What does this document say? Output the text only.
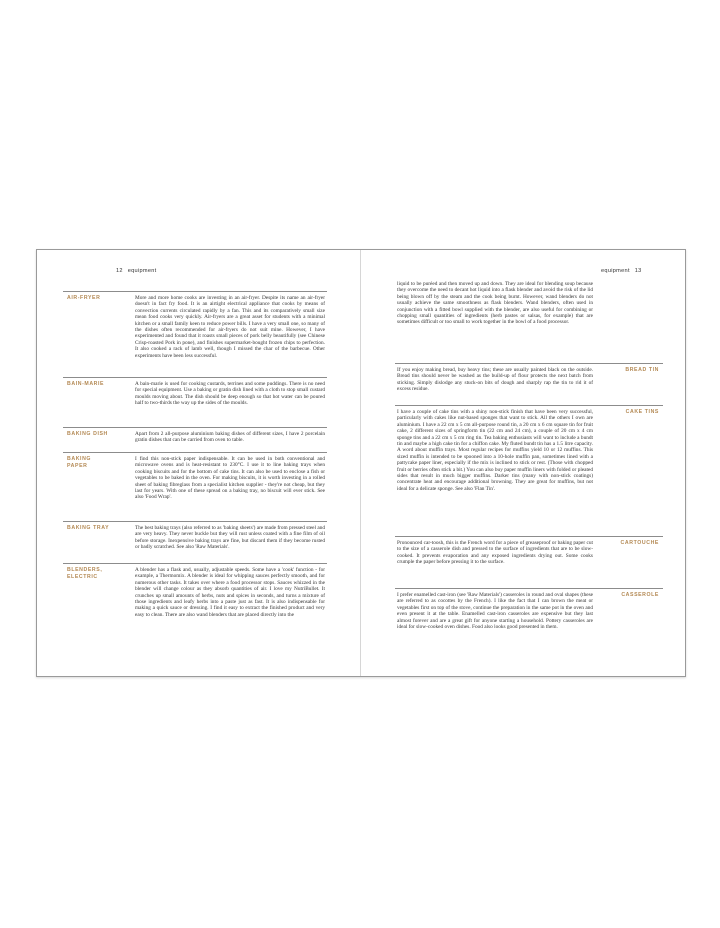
12 equipment
AIR-FRYER	More and more home cooks are investing in an air-fryer. Despite its name an air-fryer doesn't in fact fry food. It is an airtight electrical appliance that cooks by means of convection currents circulated rapidly by a fan. This and its comparatively small size mean food cooks very quickly. Air-fryers are a great asset for students with a minimal kitchen or a small family keen to reduce power bills. I have a very small one, so many of the dishes often recommended for air-fryers do not suit mine. However, I have experimented and found that it roasts small pieces of pork belly beautifully (see Chinese Crisp-roasted Pork in pone), and finishes supermarket-bought frozen chips to perfection. It also cooked a rack of lamb well, though I missed the char of the barbecue. Other experiments have been less successful.
BAIN-MARIE	A bain-marie is used for cooking custards, terrines and some puddings. There is no need for special equipment. Use a baking or gratin dish lined with a cloth to stop small custard moulds moving about. The dish should be deep enough so that hot water can be poured half to two-thirds the way up the sides of the moulds.
BAKING DISH	Apart from 2 all-purpose aluminium baking dishes of different sizes, I have 2 porcelain gratin dishes that can be carried from oven to table.
BAKING PAPER
I find this non-stick paper indispensable. It can be used in both conventional and microwave ovens and is heat-resistant to 230°C. I use it to line baking trays when cooking biscuits and for the bottom of cake tins. It can also be used to enclose a fish or vegetables to be baked in the oven. For making biscuits, it is worth investing in a rolled sheet of baking fibreglass from a specialist kitchen supplier - they're not cheap, but they last for years. With one of these spread on a baking tray, no biscuit will ever stick. See also 'Food Wrap'.
BAKING TRAY	The best baking trays (also referred to as 'baking sheets') are made from pressed steel and are very heavy. They never buckle but they will rust unless coated with a fine film of oil before storage. Inexpensive baking trays are fine, but discard them if they become rusted or badly scratched. See also 'Raw Materials'.
BLENDERS, ELECTRIC
A blender has a flask and, usually, adjustable speeds. Some have a 'cook' function - for example, a Thermomix. A blender is ideal for whipping sauces perfectly smooth, and for numerous other tasks. It takes over where a food processor stops. Sauces whizzed in the blender will change colour as they absorb quantities of air. I love my NutriBullet. It crunches up small amounts of herbs, nuts and spices in seconds, and turns a mixture of those ingredients and leafy herbs into a paste just as fast. It is also indispensable for making a quick sauce or dressing. I find it easy to extract the finished product and very easy to clean. There are also wand blenders that are placed directly into the
equipment 13
liquid to be puréed and then moved up and down. They are ideal for blending soup because they overcome the need to decant hot liquid into a flask blender and avoid the risk of the lid being blown off by the steam and the cook being burnt. However, wand blenders do not usually achieve the same smoothness as flask blenders. Wand blenders, often used in conjunction with a fitted bowl supplied with the blender, are also useful for combining or chopping small quantities of ingredients (herb pastes or salsas, for example) that are sometimes difficult or too small to work together in the bowl of a food processor.
BREAD TIN
If you enjoy making bread, buy heavy tins; these are usually painted black on the outside. Bread tins should never be washed as the build-up of flour protects the next batch from sticking. Simply dislodge any stuck-on bits of dough and sharply rap the tin to rid it of excess residue.
CAKE TINS
I have a couple of cake tins with a shiny non-stick finish that have been very successful, particularly with cakes like nut-based sponges that want to stick. All the others I own are aluminium. I have a 22 cm x 5 cm all-purpose round tin, a 20 cm x 6 cm square tin for fruit cake, 2 different sizes of springform tin (22 cm and 24 cm), a couple of 20 cm x 4 cm sponge tins and a 22 cm x 5 cm ring tin. Tea baking enthusiasts will want to include a bundt tin and maybe a high cake tin for a chiffon cake. My fluted bundt tin has a 1.5 litre capacity. A word about muffin trays. Most regular recipes for muffins yield 10 or 12 muffins. This sized muffin is intended to be spooned into a 10-hole muffin pan, sometimes lined with a pattycake paper liner, especially if the mix is inclined to stick or rest. (Those with chopped fruit or berries often stick a bit.) You can also buy paper muffin liners with folded or pleated sides that result in much bigger muffins. Darker tins (many with non-stick coatings) concentrate heat and encourage additional browning. They are great for muffins, but not ideal for a delicate sponge. See also 'Flan Tin'.
CARTOUCHE
Pronounced car-toosh, this is the French word for a piece of greaseproof or baking paper cut to the size of a casserole dish and pressed to the surface of ingredients that are to be slow-cooked. It prevents evaporation and any exposed ingredients drying out. Some cooks crumple the paper before pressing it to the surface.
CASSEROLE
I prefer enamelled cast-iron (see 'Raw Materials') casseroles in round and oval shapes (these are referred to as cocottes by the French). I like the fact that I can brown the meat or vegetables first on top of the stove, continue the preparation in the same pot in the oven and even present it at the table. Enamelled cast-iron casseroles are expensive but they last almost forever and are a great gift for anyone starting a household. Pottery casseroles are ideal for slow-cooked oven dishes. Food also looks good presented in them.
